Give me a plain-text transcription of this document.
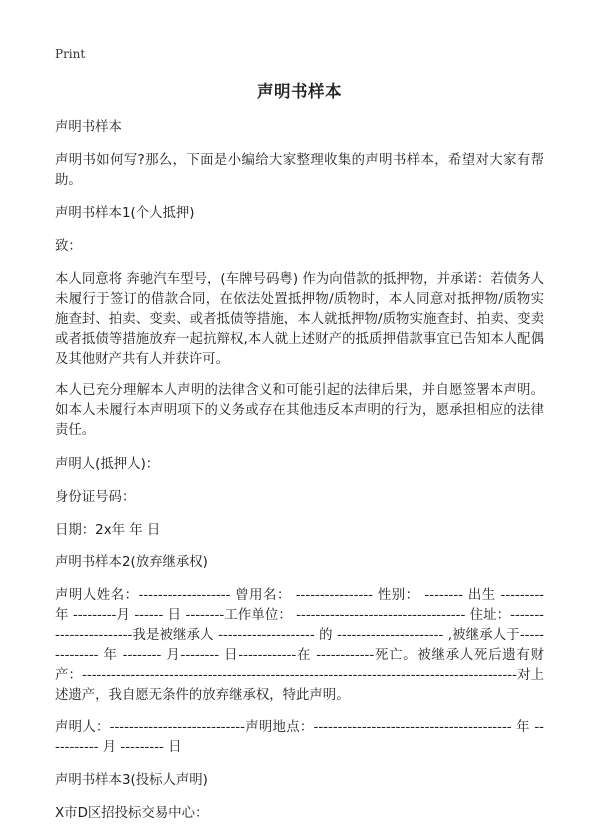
Print
声明书样本

声明书样本

声明书如何写?那么，下面是小编给大家整理收集的声明书样本，希望对大家有帮助。

声明书样本1(个人抵押)

致：

本人同意将 奔驰汽车型号，(车牌号码粤) 作为向借款的抵押物，并承诺：若债务人未履行于签订的借款合同，在依法处置抵押物/质物时，本人同意对抵押物/质物实施查封、拍卖、变卖、或者抵债等措施，本人就抵押物/质物实施查封、拍卖、变卖或者抵债等措施放弃一起抗辩权,本人就上述财产的抵质押借款事宜已告知本人配偶及其他财产共有人并获许可。

本人已充分理解本人声明的法律含义和可能引起的法律后果，并自愿签署本声明。如本人未履行本声明项下的义务或存在其他违反本声明的行为，愿承担相应的法律责任。

声明人(抵押人)：

身份证号码：

日期：2x年 年 日

声明书样本2(放弃继承权)

声明人姓名：------------------- 曾用名： ---------------- 性别： -------- 出生 --------- 年 ---------月 ------ 日 --------工作单位： ----------------------------------- 住址：-----------------------我是被继承人 -------------------- 的 ---------------------- ,被继承人于-------------- 年 -------- 月-------- 日------------在 ------------死亡。被继承人死后遗有财产：------------------------------------------------------------------------------------------对上述遗产，我自愿无条件的放弃继承权，特此声明。

声明人：----------------------------声明地点：----------------------------------------- 年 ----------- 月 --------- 日

声明书样本3(投标人声明)

X市D区招投标交易中心：
